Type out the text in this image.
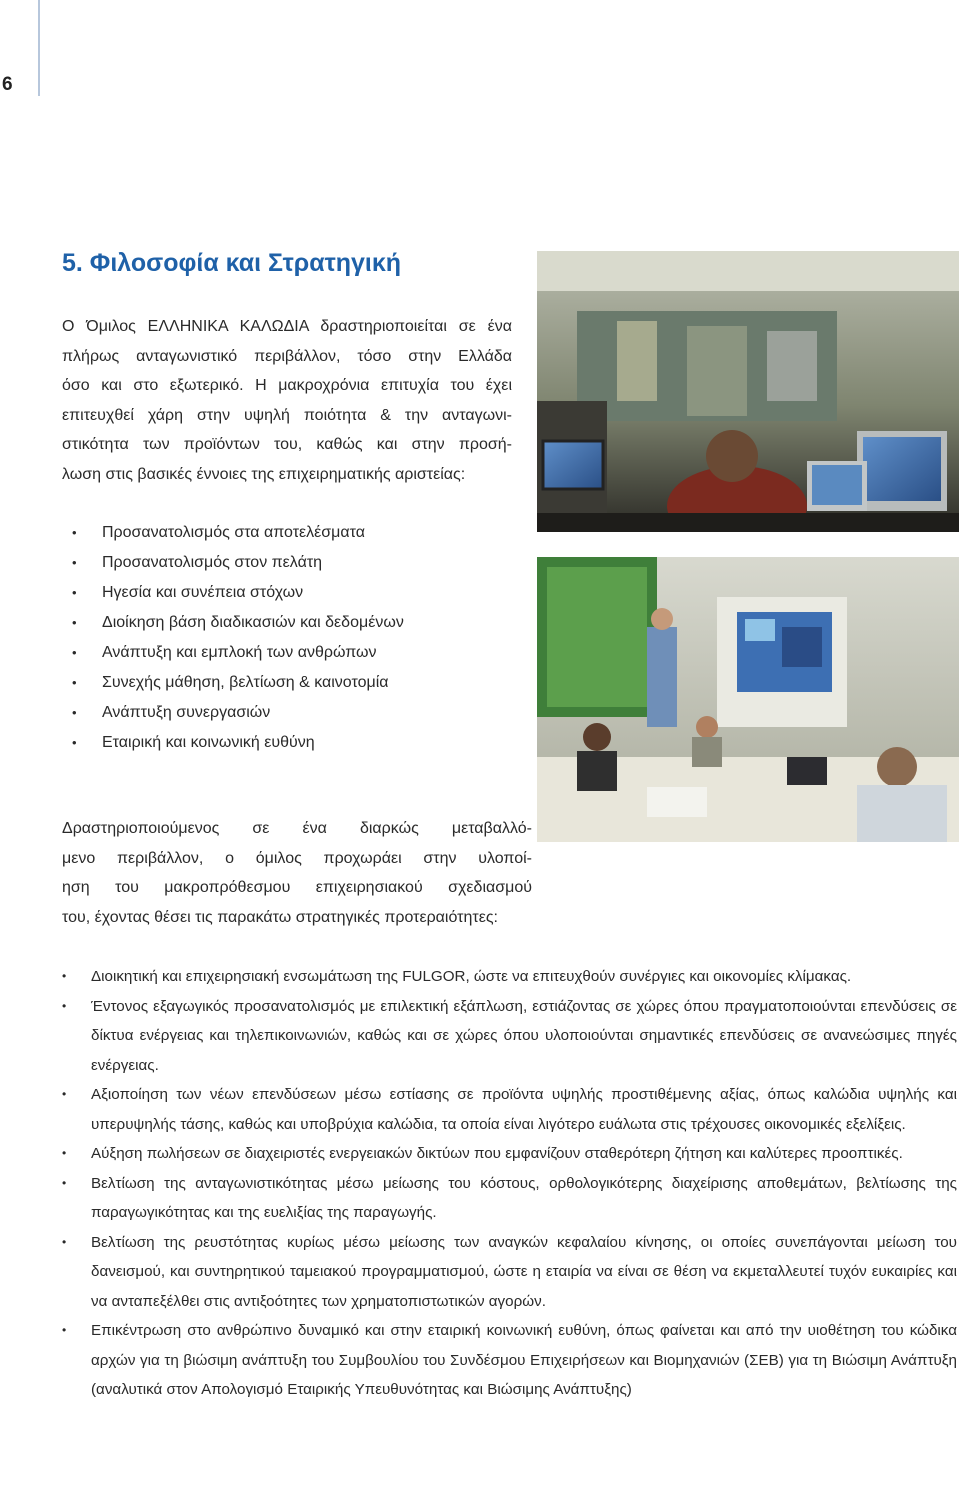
6
5. Φιλοσοφία και Στρατηγική
Ο Όμιλος ΕΛΛΗΝΙΚΑ ΚΑΛΩΔΙΑ δραστηριοποιείται σε ένα
πλήρως ανταγωνιστικό περιβάλλον, τόσο στην Ελλάδα
όσο και στο εξωτερικό. Η μακροχρόνια επιτυχία του έχει
επιτευχθεί χάρη στην υψηλή ποιότητα & την ανταγωνι-
στικότητα των προϊόντων του, καθώς και στην προσή-
λωση στις βασικές έννοιες της επιχειρηματικής αριστείας:
• Προσανατολισμός στα αποτελέσματα
• Προσανατολισμός στον πελάτη
• Ηγεσία και συνέπεια στόχων
• Διοίκηση βάση διαδικασιών και δεδομένων
• Ανάπτυξη και εμπλοκή των ανθρώπων
• Συνεχής μάθηση, βελτίωση & καινοτομία
• Ανάπτυξη συνεργασιών
• Εταιρική και κοινωνική ευθύνη
Δραστηριοποιούμενος σε ένα διαρκώς μεταβαλλό-
μενο περιβάλλον, ο όμιλος προχωράει στην υλοποί-
ηση του μακροπρόθεσμου επιχειρησιακού σχεδιασμού
του, έχοντας θέσει τις παρακάτω στρατηγικές προτεραιότητες:
• Διοικητική και επιχειρησιακή ενσωμάτωση της FULGOR, ώστε να επιτευχθούν συνέργιες και οικονομίες κλίμακας.
• Έντονος εξαγωγικός προσανατολισμός με επιλεκτική εξάπλωση, εστιάζοντας σε χώρες όπου πραγματοποιούνται επενδύσεις σε δίκτυα ενέργειας και τηλεπικοινωνιών, καθώς και σε χώρες όπου υλοποιούνται σημαντικές επενδύσεις σε ανανεώσιμες πηγές ενέργειας.
• Αξιοποίηση των νέων επενδύσεων μέσω εστίασης σε προϊόντα υψηλής προστιθέμενης αξίας, όπως καλώδια υψηλής και υπερυψηλής τάσης, καθώς και υποβρύχια καλώδια, τα οποία είναι λιγότερο ευάλωτα στις τρέχουσες οικονομικές εξελίξεις.
• Αύξηση πωλήσεων σε διαχειριστές ενεργειακών δικτύων που εμφανίζουν σταθερότερη ζήτηση και καλύτερες προοπτικές.
• Βελτίωση της ανταγωνιστικότητας μέσω μείωσης του κόστους, ορθολογικότερης διαχείρισης αποθεμάτων, βελτίωσης της παραγωγικότητας και της ευελιξίας της παραγωγής.
• Βελτίωση της ρευστότητας κυρίως μέσω μείωσης των αναγκών κεφαλαίου κίνησης, οι οποίες συνεπάγονται μείωση του δανεισμού, και συντηρητικού ταμειακού προγραμματισμού, ώστε η εταιρία να είναι σε θέση να εκμεταλλευτεί τυχόν ευκαιρίες και να ανταπεξέλθει στις αντιξοότητες των χρηματοπιστωτικών αγορών.
• Επικέντρωση στο ανθρώπινο δυναμικό και στην εταιρική κοινωνική ευθύνη, όπως φαίνεται και από την υιοθέτηση του κώδικα αρχών για τη βιώσιμη ανάπτυξη του Συμβουλίου του Συνδέσμου Επιχειρήσεων και Βιομηχανιών (ΣΕΒ) για τη Βιώσιμη Ανάπτυξη (αναλυτικά στον Απολογισμό Εταιρικής Υπευθυνότητας και Βιώσιμης Ανάπτυξης)
